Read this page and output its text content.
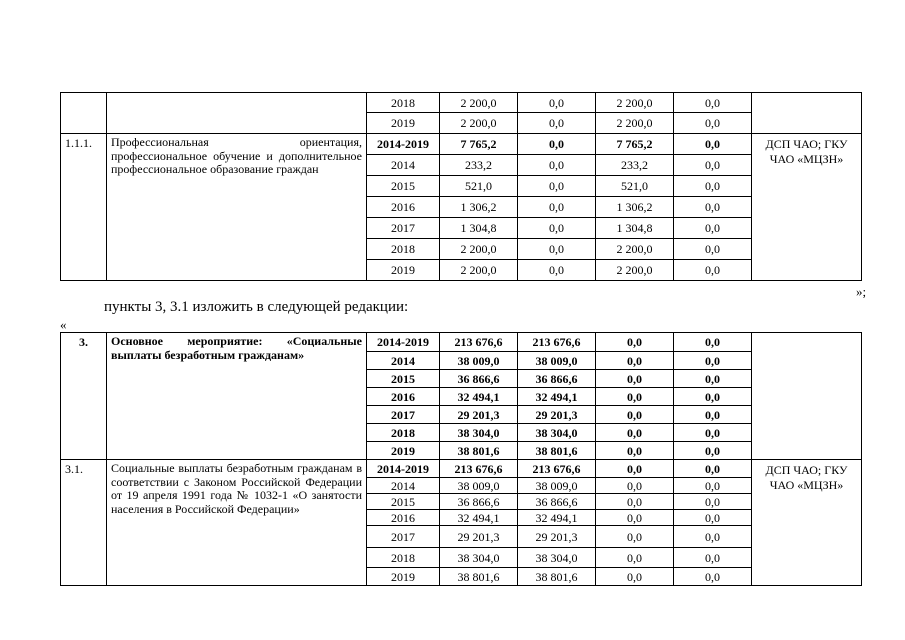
		2018	2 200,0	0,0	2 200,0	0,0	
		2019	2 200,0	0,0	2 200,0	0,0	
1.1.1.	Профессиональная ориентация, профессиональное обучение и дополнительное профессиональное образование граждан	2014-2019	7 765,2	0,0	7 765,2	0,0	ДСП ЧАО; ГКУ ЧАО «МЦЗН»
		2014	233,2	0,0	233,2	0,0	
		2015	521,0	0,0	521,0	0,0	
		2016	1 306,2	0,0	1 306,2	0,0	
		2017	1 304,8	0,0	1 304,8	0,0	
		2018	2 200,0	0,0	2 200,0	0,0	
		2019	2 200,0	0,0	2 200,0	0,0	
»;
пункты 3, 3.1 изложить в следующей редакции:
«
3.	Основное мероприятие: «Социальные выплаты безработным гражданам»	2014-2019	213 676,6	213 676,6	0,0	0,0	
		2014	38 009,0	38 009,0	0,0	0,0	
		2015	36 866,6	36 866,6	0,0	0,0	
		2016	32 494,1	32 494,1	0,0	0,0	
		2017	29 201,3	29 201,3	0,0	0,0	
		2018	38 304,0	38 304,0	0,0	0,0	
		2019	38 801,6	38 801,6	0,0	0,0	
3.1.	Социальные выплаты безработным гражданам в соответствии с Законом Российской Федерации от 19 апреля 1991 года № 1032-1 «О занятости населения в Российской Федерации»	2014-2019	213 676,6	213 676,6	0,0	0,0	ДСП ЧАО; ГКУ ЧАО «МЦЗН»
		2014	38 009,0	38 009,0	0,0	0,0	
		2015	36 866,6	36 866,6	0,0	0,0	
		2016	32 494,1	32 494,1	0,0	0,0	
		2017	29 201,3	29 201,3	0,0	0,0	
		2018	38 304,0	38 304,0	0,0	0,0	
		2019	38 801,6	38 801,6	0,0	0,0	
